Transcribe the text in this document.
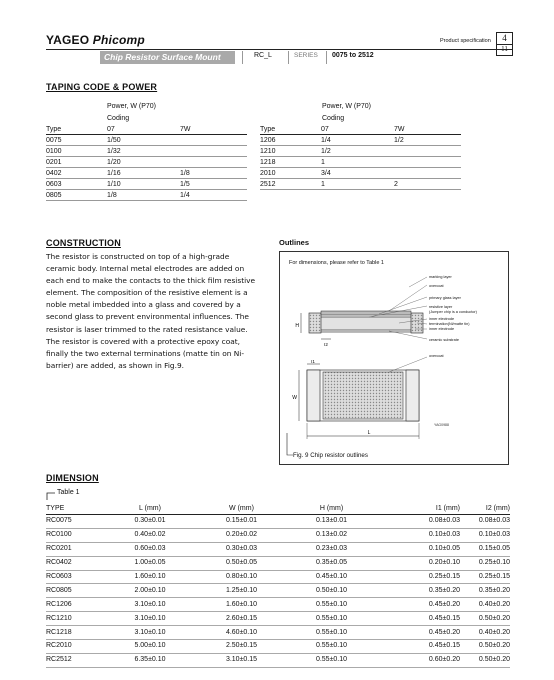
YAGEO Phicomp	Product specification	4
Chip Resistor Surface Mount	RC_L	SERIES 0075 to 2512
TAPING CODE & POWER
Power, W (P70)
Coding
Power, W (P70)
Coding
Type	07	7W
0075	1/50	
0100	1/32	
0201	1/20	
0402	1/16	1/8
0603	1/10	1/5
0805	1/8	1/4
Type	07	7W
1206	1/4	1/2
1210	1/2	
1218	1	
2010	3/4	
2512	1	2
CONSTRUCTION
The resistor is constructed on top of a high-grade ceramic body. Internal metal electrodes are added on each end to make the contacts to the thick film resistive element. The composition of the resistive element is a noble metal imbedded into a glass and covered by a second glass to prevent environmental influences. The resistor is laser trimmed to the rated resistance value. The resistor is covered with a protective epoxy coat, finally the two external terminations (matte tin on Ni-barrier) are added, as shown in Fig.9.
Outlines
For dimensions, please refer to Table 1
H
I2
marking layer
overcoat
primary glass layer
resistive layer
(Jumper chip is a conductor)
inner electrode
termination(Ni/matte tin)
inner electrode
ceramic substrate
overcoat
I1
W
L
YAG0988
Fig. 9 Chip resistor outlines
DIMENSION
Table 1
TYPE	L (mm)	W (mm)	H (mm)	I1 (mm)	I2 (mm)
RC0075	0.30±0.01	0.15±0.01	0.13±0.01	0.08±0.03	0.08±0.03
RC0100	0.40±0.02	0.20±0.02	0.13±0.02	0.10±0.03	0.10±0.03
RC0201	0.60±0.03	0.30±0.03	0.23±0.03	0.10±0.05	0.15±0.05
RC0402	1.00±0.05	0.50±0.05	0.35±0.05	0.20±0.10	0.25±0.10
RC0603	1.60±0.10	0.80±0.10	0.45±0.10	0.25±0.15	0.25±0.15
RC0805	2.00±0.10	1.25±0.10	0.50±0.10	0.35±0.20	0.35±0.20
RC1206	3.10±0.10	1.60±0.10	0.55±0.10	0.45±0.20	0.40±0.20
RC1210	3.10±0.10	2.60±0.15	0.55±0.10	0.45±0.15	0.50±0.20
RC1218	3.10±0.10	4.60±0.10	0.55±0.10	0.45±0.20	0.40±0.20
RC2010	5.00±0.10	2.50±0.15	0.55±0.10	0.45±0.15	0.50±0.20
RC2512	6.35±0.10	3.10±0.15	0.55±0.10	0.60±0.20	0.50±0.20
